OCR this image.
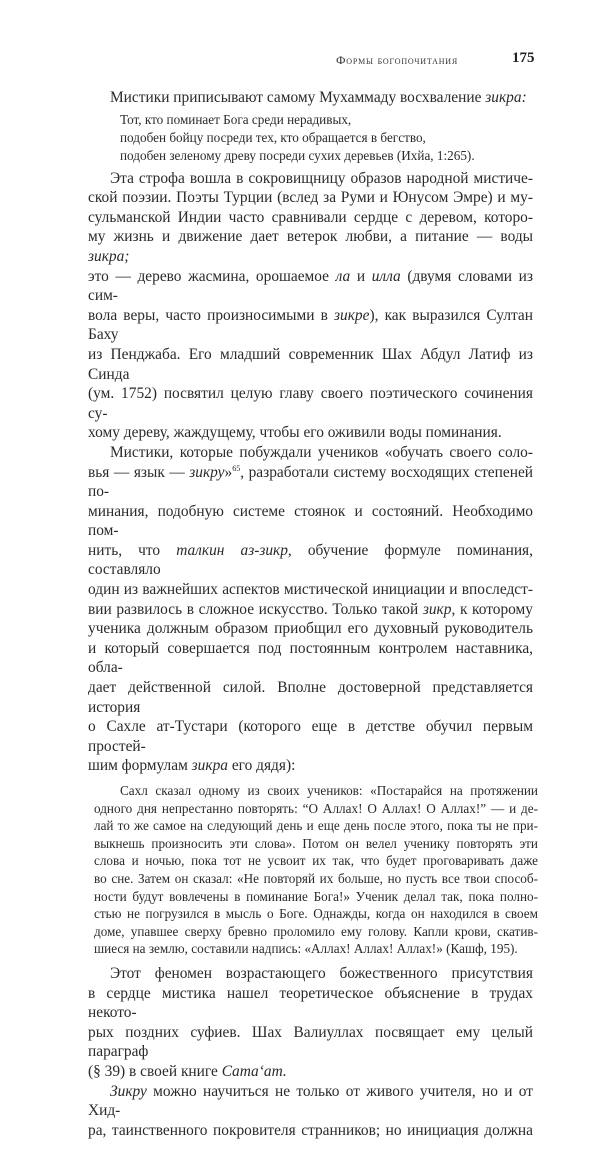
Формы богопочитания	175
Мистики приписывают самому Мухаммаду восхваление зикра:
Тот, кто поминает Бога среди нерадивых,
подобен бойцу посреди тех, кто обращается в бегство,
подобен зеленому древу посреди сухих деревьев (Ихйа, 1:265).
Эта строфа вошла в сокровищницу образов народной мистиче-
ской поэзии. Поэты Турции (вслед за Руми и Юнусом Эмре) и му-
сульманской Индии часто сравнивали сердце с деревом, которо-
му жизнь и движение дает ветерок любви, а питание — воды зикра;
это — дерево жасмина, орошаемое ла и илла (двумя словами из сим-
вола веры, часто произносимыми в зикре), как выразился Султан Баху
из Пенджаба. Его младший современник Шах Абдул Латиф из Синда
(ум. 1752) посвятил целую главу своего поэтического сочинения су-
хому дереву, жаждущему, чтобы его оживили воды поминания.
Мистики, которые побуждали учеников «обучать своего соло-
вья — язык — зикру»$^{65}$, разработали систему восходящих степеней по-
минания, подобную системе стоянок и состояний. Необходимо пом-
нить, что талкин аз-зикр, обучение формуле поминания, составляло
один из важнейших аспектов мистической инициации и впоследст-
вии развилось в сложное искусство. Только такой зикр, к которому
ученика должным образом приобщил его духовный руководитель
и который совершается под постоянным контролем наставника, обла-
дает действенной силой. Вполне достоверной представляется история
о Сахле ат-Тустари (которого еще в детстве обучил первым простей-
шим формулам зикра его дядя):
Сахл сказал одному из своих учеников: «Постарайся на протяжении
одного дня непрестанно повторять: “О Аллах! О Аллах! О Аллах!” — и де-
лай то же самое на следующий день и еще день после этого, пока ты не при-
выкнешь произносить эти слова». Потом он велел ученику повторять эти
слова и ночью, пока тот не усвоит их так, что будет проговаривать даже
во сне. Затем он сказал: «Не повторяй их больше, но пусть все твои способ-
ности будут вовлечены в поминание Бога!» Ученик делал так, пока полно-
стью не погрузился в мысль о Боге. Однажды, когда он находился в своем
доме, упавшее сверху бревно проломило ему голову. Капли крови, скатив-
шиеся на землю, составили надпись: «Аллах! Аллах! Аллах!» (Кашф, 195).
Этот феномен возрастающего божественного присутствия
в сердце мистика нашел теоретическое объяснение в трудах некото-
рых поздних суфиев. Шах Валиуллах посвящает ему целый параграф
(§ 39) в своей книге Сата‘ат.
Зикру можно научиться не только от живого учителя, но и от Хид-
ра, таинственного покровителя странников; но инициация должна
